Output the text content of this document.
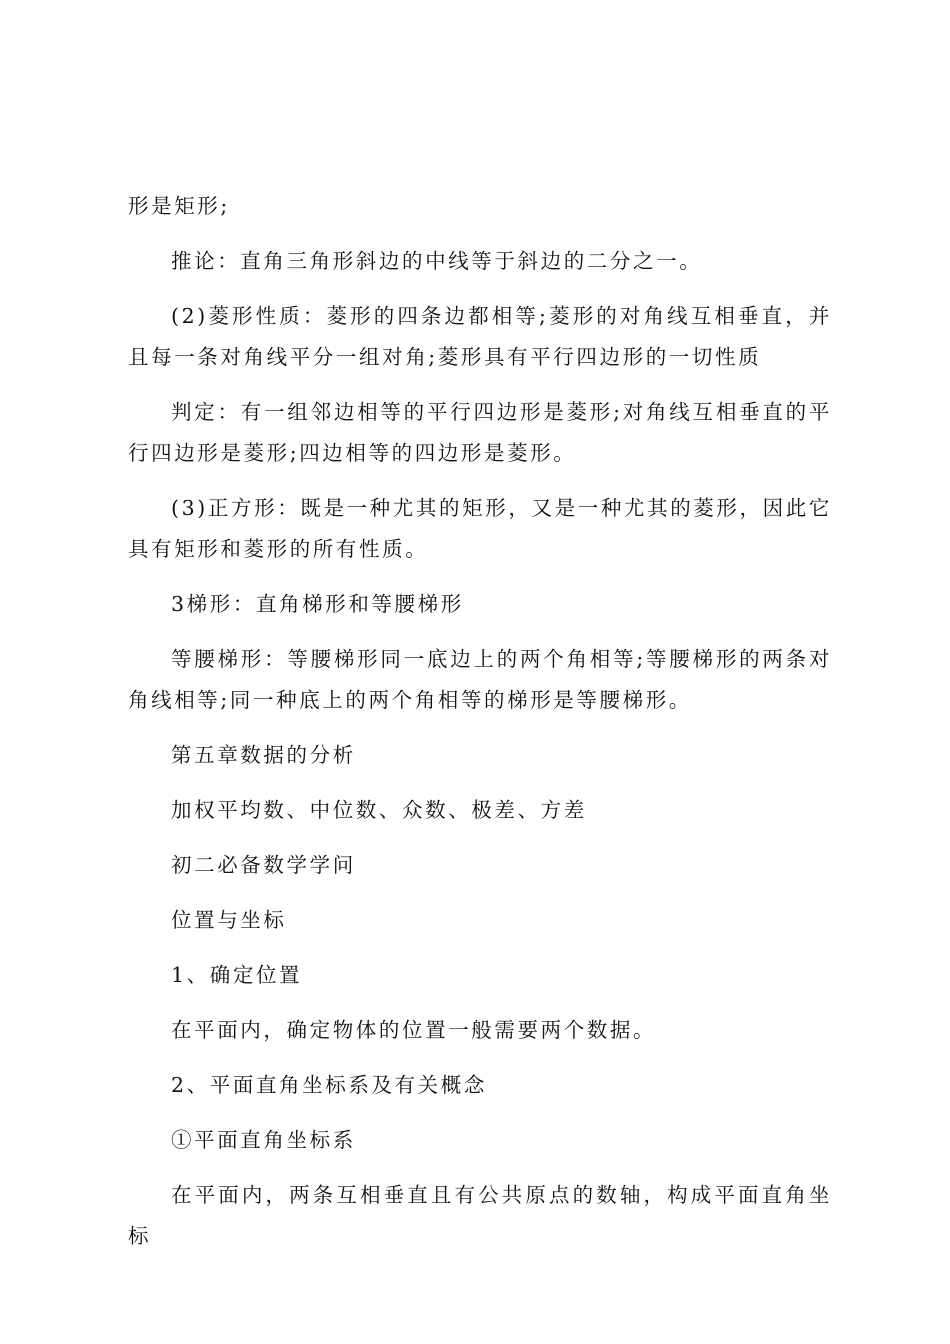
形是矩形;

推论：直角三角形斜边的中线等于斜边的二分之一。

(2)菱形性质：菱形的四条边都相等;菱形的对角线互相垂直，并且每一条对角线平分一组对角;菱形具有平行四边形的一切性质

判定：有一组邻边相等的平行四边形是菱形;对角线互相垂直的平行四边形是菱形;四边相等的四边形是菱形。

(3)正方形：既是一种尤其的矩形，又是一种尤其的菱形，因此它具有矩形和菱形的所有性质。

3梯形：直角梯形和等腰梯形

等腰梯形：等腰梯形同一底边上的两个角相等;等腰梯形的两条对角线相等;同一种底上的两个角相等的梯形是等腰梯形。

第五章数据的分析

加权平均数、中位数、众数、极差、方差

初二必备数学学问

位置与坐标

1、确定位置

在平面内，确定物体的位置一般需要两个数据。

2、平面直角坐标系及有关概念

①平面直角坐标系

在平面内，两条互相垂直且有公共原点的数轴，构成平面直角坐标
